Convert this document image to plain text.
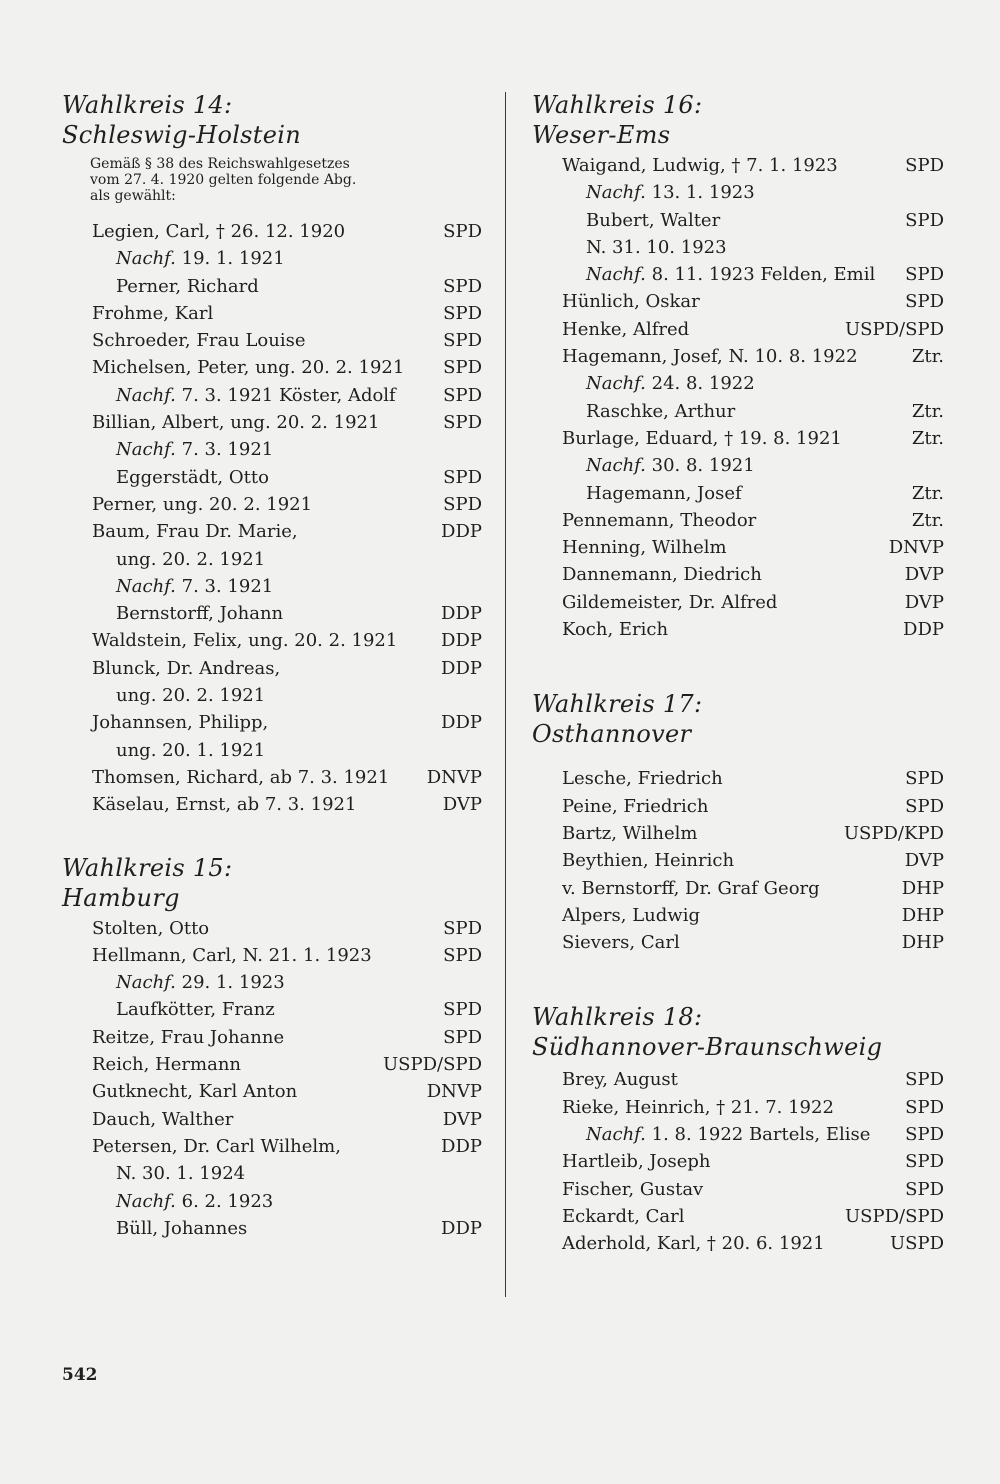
Wahlkreis 14:
Schleswig-Holstein
Gemäß § 38 des Reichswahlgesetzes
vom 27. 4. 1920 gelten folgende Abg.
als gewählt:
Legien, Carl, † 26. 12. 1920	SPD
Nachf. 19. 1. 1921
Perner, Richard	SPD
Frohme, Karl	SPD
Schroeder, Frau Louise	SPD
Michelsen, Peter, ung. 20. 2. 1921 SPD
Nachf. 7. 3. 1921 Köster, Adolf	SPD
Billian, Albert, ung. 20. 2. 1921	SPD
Nachf. 7. 3. 1921
Eggerstädt, Otto	SPD
Perner, ung. 20. 2. 1921	SPD
Baum, Frau Dr. Marie,	DDP
ung. 20. 2. 1921
Nachf. 7. 3. 1921
Bernstorff, Johann	DDP
Waldstein, Felix, ung. 20. 2. 1921 DDP
Blunck, Dr. Andreas,	DDP
ung. 20. 2. 1921
Johannsen, Philipp,	DDP
ung. 20. 1. 1921
Thomsen, Richard, ab 7. 3. 1921 DNVP
Käselau, Ernst, ab 7. 3. 1921	DVP
Wahlkreis 15:
Hamburg
Stolten, Otto	SPD
Hellmann, Carl, N. 21. 1. 1923	SPD
Nachf. 29. 1. 1923
Laufkötter, Franz	SPD
Reitze, Frau Johanne	SPD
Reich, Hermann	USPD/SPD
Gutknecht, Karl Anton	DNVP
Dauch, Walther	DVP
Petersen, Dr. Carl Wilhelm,	DDP
N. 30. 1. 1924
Nachf. 6. 2. 1923
Büll, Johannes	DDP
Wahlkreis 16:
Weser-Ems
Waigand, Ludwig, † 7. 1. 1923	SPD
Nachf. 13. 1. 1923
Bubert, Walter	SPD
N. 31. 10. 1923
Nachf. 8. 11. 1923 Felden, Emil SPD
Hünlich, Oskar	SPD
Henke, Alfred	USPD/SPD
Hagemann, Josef, N. 10. 8. 1922	Ztr.
Nachf. 24. 8. 1922
Raschke, Arthur	Ztr.
Burlage, Eduard, † 19. 8. 1921	Ztr.
Nachf. 30. 8. 1921
Hagemann, Josef	Ztr.
Pennemann, Theodor	Ztr.
Henning, Wilhelm	DNVP
Dannemann, Diedrich	DVP
Gildemeister, Dr. Alfred	DVP
Koch, Erich	DDP
Wahlkreis 17:
Osthannover
Lesche, Friedrich	SPD
Peine, Friedrich	SPD
Bartz, Wilhelm	USPD/KPD
Beythien, Heinrich	DVP
v. Bernstorff, Dr. Graf Georg	DHP
Alpers, Ludwig	DHP
Sievers, Carl	DHP
Wahlkreis 18:
Südhannover-Braunschweig
Brey, August	SPD
Rieke, Heinrich, † 21. 7. 1922	SPD
Nachf. 1. 8. 1922 Bartels, Elise SPD
Hartleib, Joseph	SPD
Fischer, Gustav	SPD
Eckardt, Carl	USPD/SPD
Aderhold, Karl, † 20. 6. 1921	USPD
542
